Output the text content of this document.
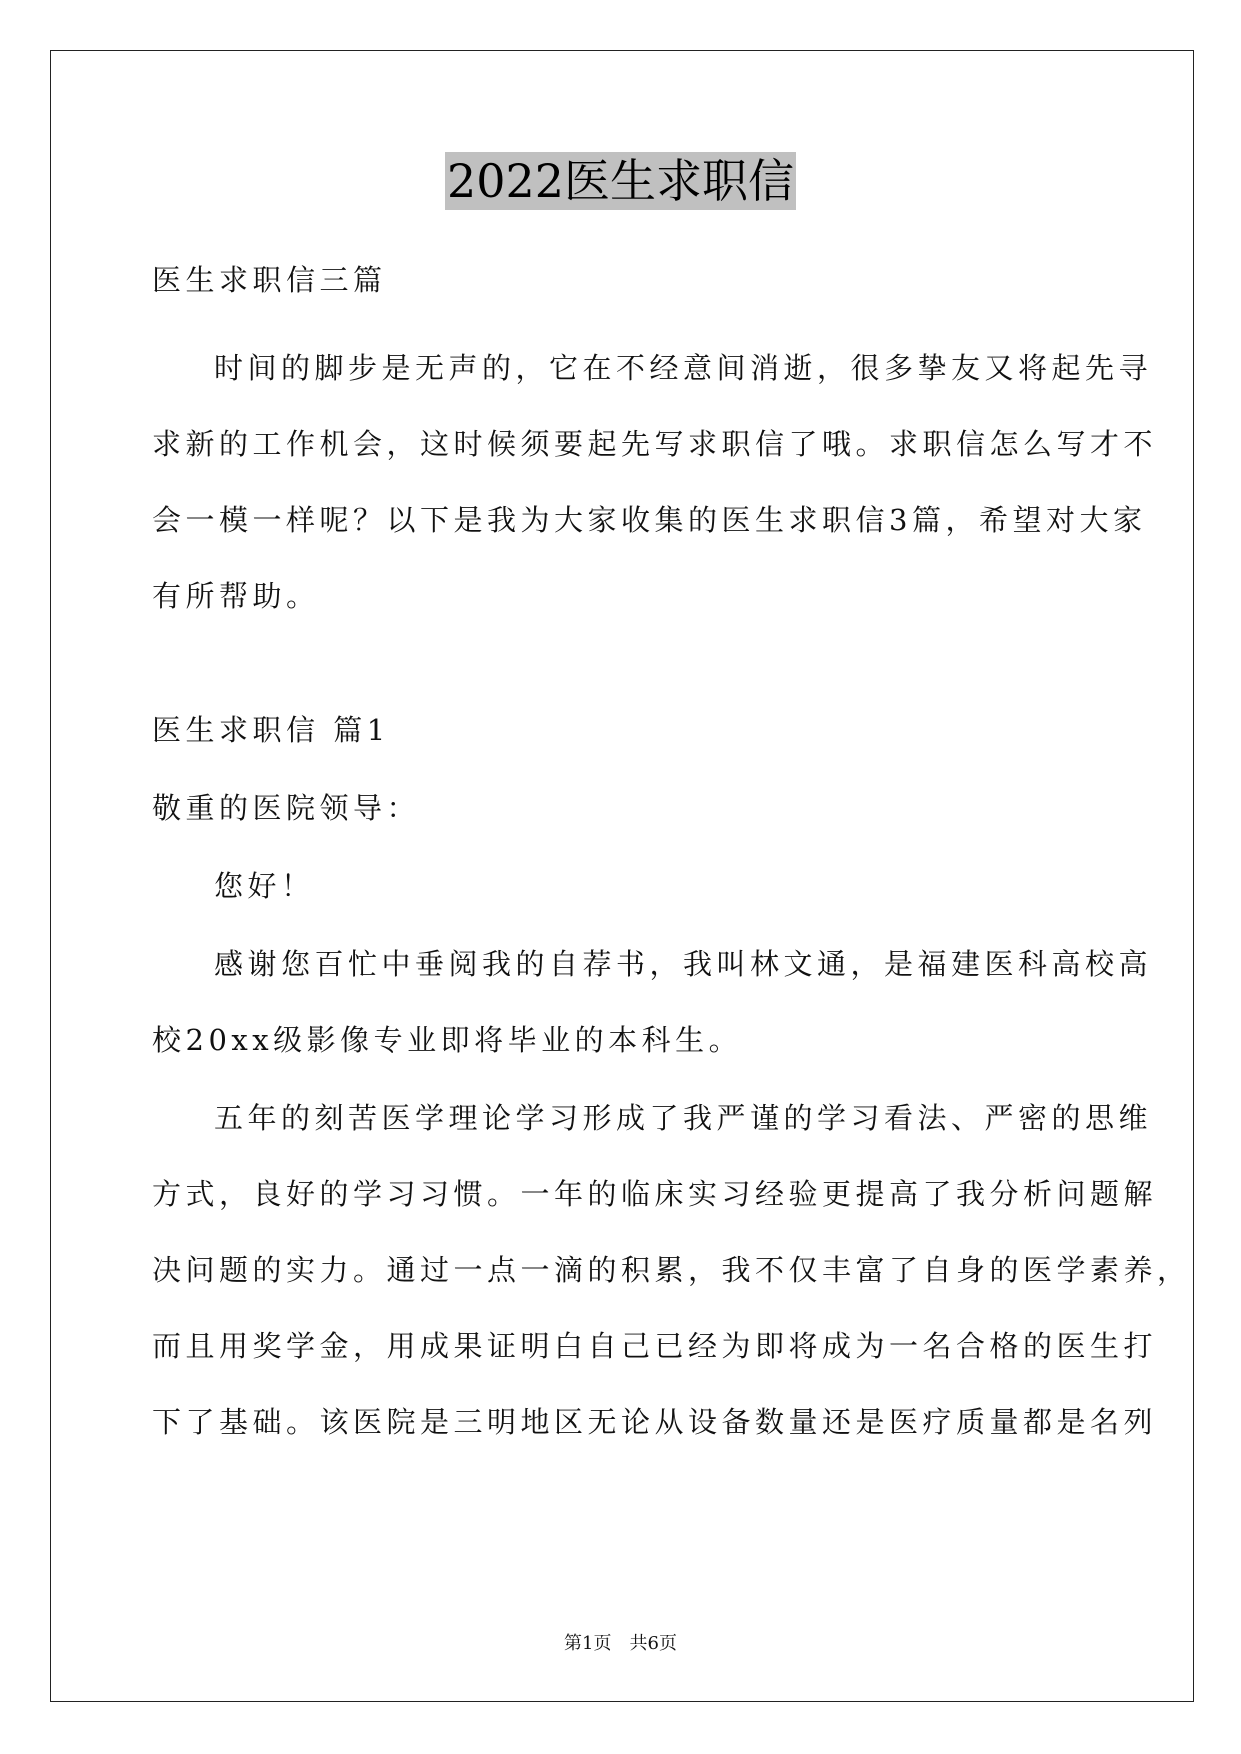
2022医生求职信
医生求职信三篇
时间的脚步是无声的，它在不经意间消逝，很多挚友又将起先寻
求新的工作机会，这时候须要起先写求职信了哦。求职信怎么写才不
会一模一样呢？以下是我为大家收集的医生求职信3篇，希望对大家
有所帮助。
医生求职信 篇1
敬重的医院领导：
您好！
感谢您百忙中垂阅我的自荐书，我叫林文通，是福建医科高校高
校20xx级影像专业即将毕业的本科生。
五年的刻苦医学理论学习形成了我严谨的学习看法、严密的思维
方式，良好的学习习惯。一年的临床实习经验更提高了我分析问题解
决问题的实力。通过一点一滴的积累，我不仅丰富了自身的医学素养，
而且用奖学金，用成果证明白自己已经为即将成为一名合格的医生打
下了基础。该医院是三明地区无论从设备数量还是医疗质量都是名列
第1页　共6页
